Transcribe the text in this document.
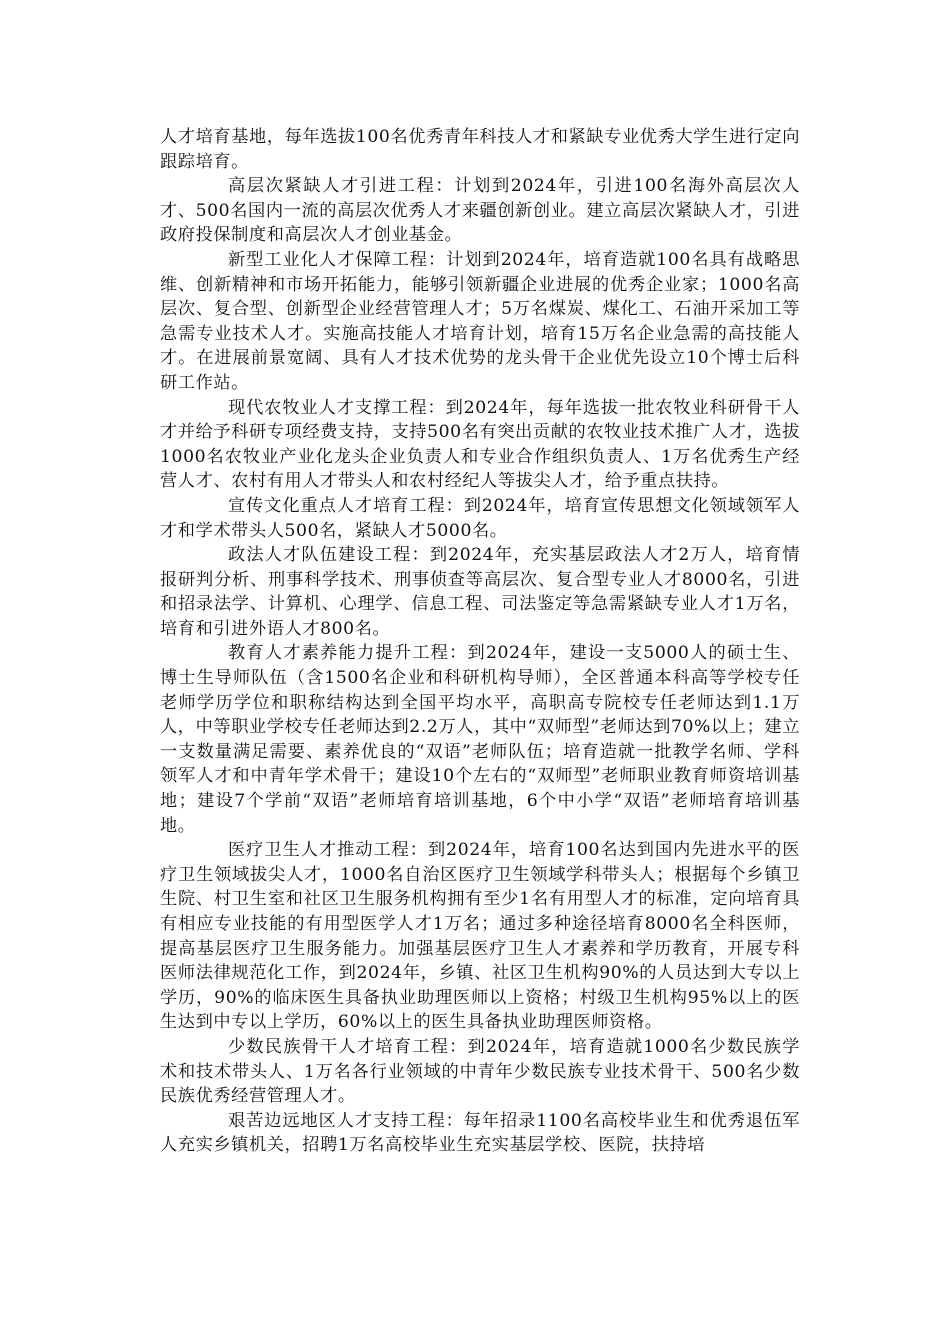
人才培育基地，每年选拔100名优秀青年科技人才和紧缺专业优秀大学生进行定向跟踪培育。

高层次紧缺人才引进工程：计划到2024年，引进100名海外高层次人才、500名国内一流的高层次优秀人才来疆创新创业。建立高层次紧缺人才，引进政府投保制度和高层次人才创业基金。

新型工业化人才保障工程：计划到2024年，培育造就100名具有战略思维、创新精神和市场开拓能力，能够引领新疆企业进展的优秀企业家；1000名高层次、复合型、创新型企业经营管理人才；5万名煤炭、煤化工、石油开采加工等急需专业技术人才。实施高技能人才培育计划，培育15万名企业急需的高技能人才。在进展前景宽阔、具有人才技术优势的龙头骨干企业优先设立10个博士后科研工作站。

现代农牧业人才支撑工程：到2024年，每年选拔一批农牧业科研骨干人才并给予科研专项经费支持，支持500名有突出贡献的农牧业技术推广人才，选拔1000名农牧业产业化龙头企业负责人和专业合作组织负责人、1万名优秀生产经营人才、农村有用人才带头人和农村经纪人等拔尖人才，给予重点扶持。

宣传文化重点人才培育工程：到2024年，培育宣传思想文化领域领军人才和学术带头人500名，紧缺人才5000名。

政法人才队伍建设工程：到2024年，充实基层政法人才2万人，培育情报研判分析、刑事科学技术、刑事侦查等高层次、复合型专业人才8000名，引进和招录法学、计算机、心理学、信息工程、司法鉴定等急需紧缺专业人才1万名，培育和引进外语人才800名。

教育人才素养能力提升工程：到2024年，建设一支5000人的硕士生、博士生导师队伍（含1500名企业和科研机构导师），全区普通本科高等学校专任老师学历学位和职称结构达到全国平均水平，高职高专院校专任老师达到1.1万人，中等职业学校专任老师达到2.2万人，其中“双师型”老师达到70%以上；建立一支数量满足需要、素养优良的“双语”老师队伍；培育造就一批教学名师、学科领军人才和中青年学术骨干；建设10个左右的“双师型”老师职业教育师资培训基地；建设7个学前“双语”老师培育培训基地，6个中小学“双语”老师培育培训基地。

医疗卫生人才推动工程：到2024年，培育100名达到国内先进水平的医疗卫生领域拔尖人才，1000名自治区医疗卫生领域学科带头人；根据每个乡镇卫生院、村卫生室和社区卫生服务机构拥有至少1名有用型人才的标准，定向培育具有相应专业技能的有用型医学人才1万名；通过多种途径培育8000名全科医师，提高基层医疗卫生服务能力。加强基层医疗卫生人才素养和学历教育，开展专科医师法律规范化工作，到2024年，乡镇、社区卫生机构90%的人员达到大专以上学历，90%的临床医生具备执业助理医师以上资格；村级卫生机构95%以上的医生达到中专以上学历，60%以上的医生具备执业助理医师资格。

少数民族骨干人才培育工程：到2024年，培育造就1000名少数民族学术和技术带头人、1万名各行业领域的中青年少数民族专业技术骨干、500名少数民族优秀经营管理人才。

艰苦边远地区人才支持工程：每年招录1100名高校毕业生和优秀退伍军人充实乡镇机关，招聘1万名高校毕业生充实基层学校、医院，扶持培
